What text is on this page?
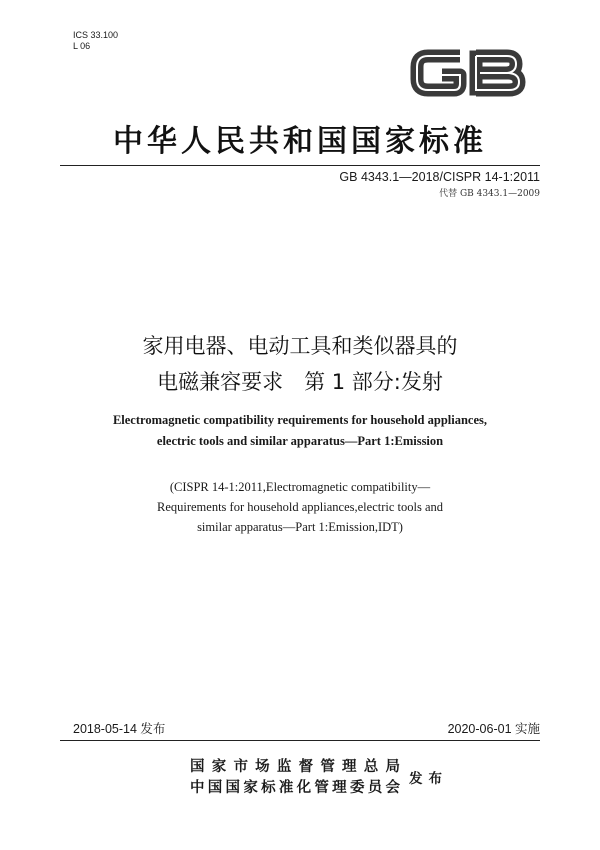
ICS 33.100
L 06
中华人民共和国国家标准
GB 4343.1—2018/CISPR 14-1:2011
代替 GB 4343.1—2009
家用电器、电动工具和类似器具的
电磁兼容要求　第 1 部分:发射
Electromagnetic compatibility requirements for household appliances,
electric tools and similar apparatus—Part 1:Emission
(CISPR 14-1:2011,Electromagnetic compatibility—
Requirements for household appliances,electric tools and
similar apparatus—Part 1:Emission,IDT)
2018-05-14 发布	2020-06-01 实施
国家市场监督管理总局
中国国家标准化管理委员会 发布
